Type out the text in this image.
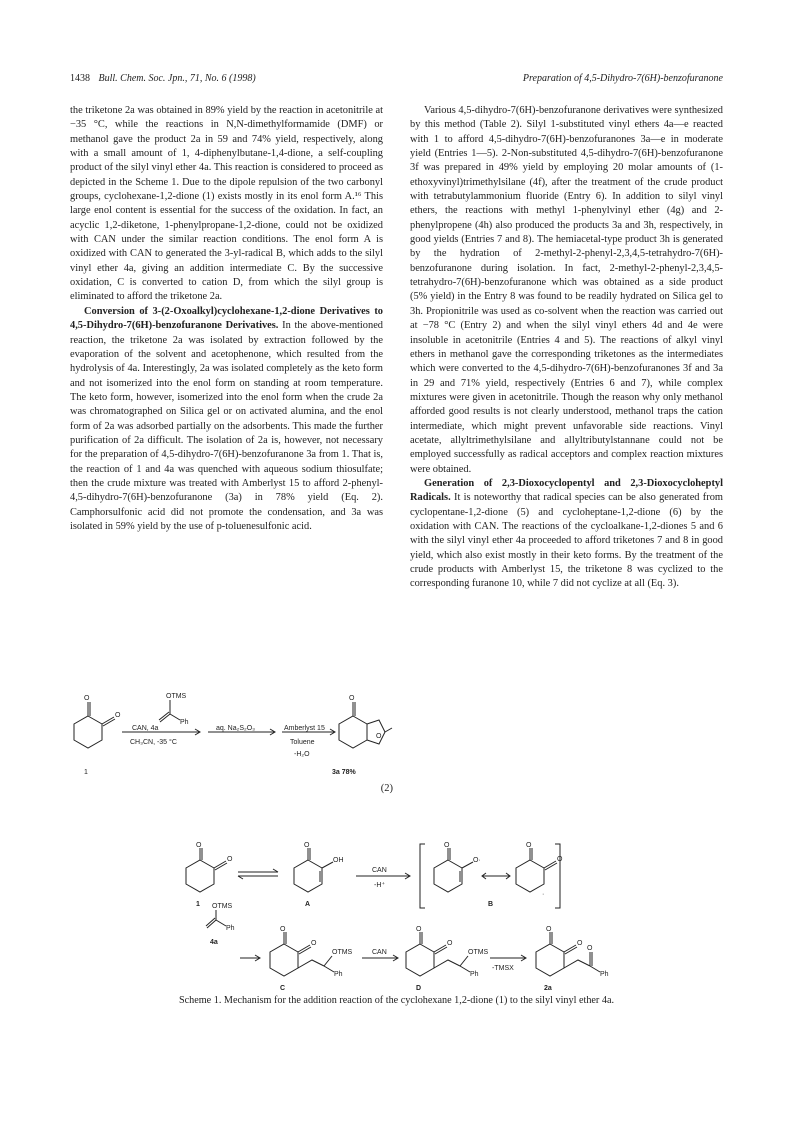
1438 Bull. Chem. Soc. Jpn., 71, No. 6 (1998)	Preparation of 4,5-Dihydro-7(6H)-benzofuranone

the triketone 2a was obtained in 89% yield by the reaction in acetonitrile at −35 °C, while the reactions in N,N-dimethylformamide (DMF) or methanol gave the product 2a in 59 and 74% yield, respectively, along with a small amount of 1, 4-diphenylbutane-1,4-dione, a self-coupling product of the silyl vinyl ether 4a. This reaction is considered to proceed as depicted in the Scheme 1. Due to the dipole repulsion of the two carbonyl groups, cyclohexane-1,2-dione (1) exists mostly in its enol form A.¹⁶ This large enol content is essential for the success of the oxidation. In fact, an acyclic 1,2-diketone, 1-phenylpropane-1,2-dione, could not be oxidized with CAN under the similar reaction conditions. The enol form A is oxidized with CAN to generated the 3-yl-radical B, which adds to the silyl vinyl ether 4a, giving an addition intermediate C. By the successive oxidation, C is converted to cation D, from which the silyl group is eliminated to afford the triketone 2a.

Conversion of 3-(2-Oxoalkyl)cyclohexane-1,2-dione Derivatives to 4,5-Dihydro-7(6H)-benzofuranone Derivatives. In the above-mentioned reaction, the triketone 2a was isolated by extraction followed by the evaporation of the solvent and acetophenone, which resulted from the hydrolysis of 4a. Interestingly, 2a was isolated completely as the keto form and not isomerized into the enol form on standing at room temperature. The keto form, however, isomerized into the enol form when the crude 2a was chromatographed on Silica gel or on activated alumina, and the enol form of 2a was adsorbed partially on the adsorbents. This made the further purification of 2a difficult. The isolation of 2a is, however, not necessary for the preparation of 4,5-dihydro-7(6H)-benzofuranone 3a from 1. That is, the reaction of 1 and 4a was quenched with aqueous sodium thiosulfate; then the crude mixture was treated with Amberlyst 15 to afford 2-phenyl-4,5-dihydro-7(6H)-benzofuranone (3a) in 78% yield (Eq. 2). Camphorsulfonic acid did not promote the condensation, and 3a was isolated in 59% yield by the use of p-toluenesulfonic acid.

Various 4,5-dihydro-7(6H)-benzofuranone derivatives were synthesized by this method (Table 2). Silyl 1-substituted vinyl ethers 4a—e reacted with 1 to afford 4,5-dihydro-7(6H)-benzofuranones 3a—e in moderate yield (Entries 1—5). 2-Non-substituted 4,5-dihydro-7(6H)-benzofuranone 3f was prepared in 49% yield by employing 20 molar amounts of (1-ethoxyvinyl)trimethylsilane (4f), after the treatment of the crude product with tetrabutylammonium fluoride (Entry 6). In addition to silyl vinyl ethers, the reactions with methyl 1-phenylvinyl ether (4g) and 2-phenylpropene (4h) also produced the products 3a and 3h, respectively, in good yields (Entries 7 and 8). The hemiacetal-type product 3h is generated by the hydration of 2-methyl-2-phenyl-2,3,4,5-tetrahydro-7(6H)-benzofuranone during isolation. In fact, 2-methyl-2-phenyl-2,3,4,5-tetrahydro-7(6H)-benzofuranone which was obtained as a side product (5% yield) in the Entry 8 was found to be readily hydrated on Silica gel to 3h. Propionitrile was used as co-solvent when the reaction was carried out at −78 °C (Entry 2) and when the silyl vinyl ethers 4d and 4e were insoluble in acetonitrile (Entries 4 and 5). The reactions of alkyl vinyl ethers in methanol gave the corresponding triketones as the intermediates which were converted to the 4,5-dihydro-7(6H)-benzofuranones 3f and 3a in 29 and 71% yield, respectively (Entries 6 and 7), while complex mixtures were given in acetonitrile. Though the reason why only methanol afforded good results is not clearly understood, methanol traps the cation intermediate, which might prevent unfavorable side reactions. Vinyl acetate, allyltrimethylsilane and allyltributylstannane could not be employed successfully as radical acceptors and complex reaction mixtures were obtained.

Generation of 2,3-Dioxocyclopentyl and 2,3-Dioxocycloheptyl Radicals. It is noteworthy that radical species can be also generated from cyclopentane-1,2-dione (5) and cycloheptane-1,2-dione (6) by the oxidation with CAN. The reactions of the cycloalkane-1,2-diones 5 and 6 with the silyl vinyl ether 4a proceeded to afford triketones 7 and 8 in good yield, which also exist mostly in their keto forms. By the treatment of the crude products with Amberlyst 15, the triketone 8 was cyclized to the corresponding furanone 10, while 7 did not cyclize at all (Eq. 3).

O
O
1
OTMS
Ph
CAN, 4a
CH₃CN, -35 °C
aq. Na₂S₂O₃	Amberlyst 15
Toluene
-H₂O
O
O
3a 78%
(2)
O
O
1
O
OH
A
CAN
-H⁺
O
O·
O
O
·
B
OTMS
Ph
4a
O
O
OTMS
Ph
C
CAN
O
O
OTMS
Ph
D
-TMSX
O
O
O
Ph
2a
Scheme 1. Mechanism for the addition reaction of the cyclohexane 1,2-dione (1) to the silyl vinyl ether 4a.
